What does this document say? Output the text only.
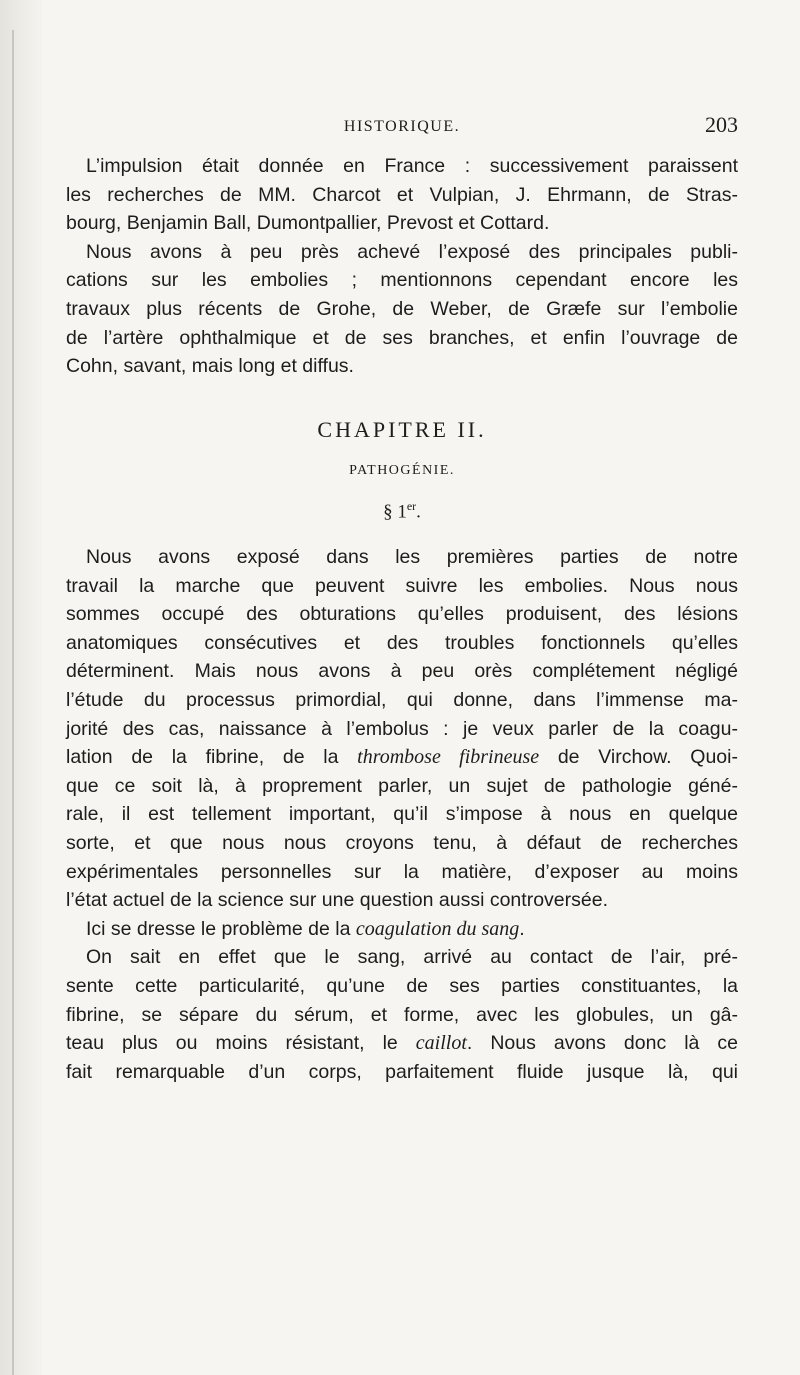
HISTORIQUE.	203

L’impulsion était donnée en France : successivement paraissent
les recherches de MM. Charcot et Vulpian, J. Ehrmann, de Stras-
bourg, Benjamin Ball, Dumontpallier, Prevost et Cottard.

Nous avons à peu près achevé l’exposé des principales publi-
cations sur les embolies ; mentionnons cependant encore les
travaux plus récents de Grohe, de Weber, de Græfe sur l’embolie
de l’artère ophthalmique et de ses branches, et enfin l’ouvrage de
Cohn, savant, mais long et diffus.

CHAPITRE II.
PATHOGÉNIE.
§ 1er.

Nous avons exposé dans les premières parties de notre
travail la marche que peuvent suivre les embolies. Nous nous
sommes occupé des obturations qu’elles produisent, des lésions
anatomiques consécutives et des troubles fonctionnels qu’elles
déterminent. Mais nous avons à peu orès complétement négligé
l’étude du processus primordial, qui donne, dans l’immense ma-
jorité des cas, naissance à l’embolus : je veux parler de la coagu-
lation de la fibrine, de la thrombose fibrineuse de Virchow. Quoi-
que ce soit là, à proprement parler, un sujet de pathologie géné-
rale, il est tellement important, qu’il s’impose à nous en quelque
sorte, et que nous nous croyons tenu, à défaut de recherches
expérimentales personnelles sur la matière, d’exposer au moins
l’état actuel de la science sur une question aussi controversée.

Ici se dresse le problème de la coagulation du sang.

On sait en effet que le sang, arrivé au contact de l’air, pré-
sente cette particularité, qu’une de ses parties constituantes, la
fibrine, se sépare du sérum, et forme, avec les globules, un gâ-
teau plus ou moins résistant, le caillot. Nous avons donc là ce
fait remarquable d’un corps, parfaitement fluide jusque là, qui
